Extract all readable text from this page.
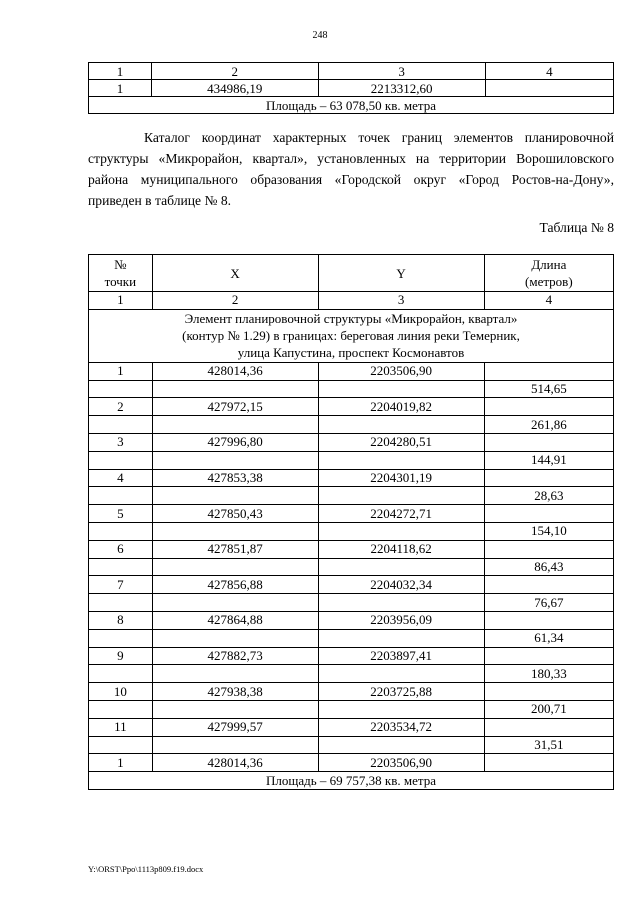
248
1	2	3	4
1	434986,19	2213312,60	
Площадь – 63 078,50 кв. метра			
Каталог координат характерных точек границ элементов планировочной структуры «Микрорайон, квартал», установленных на территории Ворошиловского района муниципального образования «Городской округ «Город Ростов-на-Дону», приведен в таблице № 8.
Таблица № 8
№
точки	X	Y	Длина
(метров)
1	2	3	4
Элемент планировочной структуры «Микрорайон, квартал»
(контур № 1.29) в границах: береговая линия реки Темерник,
улица Капустина, проспект Космонавтов			
1	428014,36	2203506,90	
			514,65
2	427972,15	2204019,82	
			261,86
3	427996,80	2204280,51	
			144,91
4	427853,38	2204301,19	
			28,63
5	427850,43	2204272,71	
			154,10
6	427851,87	2204118,62	
			86,43
7	427856,88	2204032,34	
			76,67
8	427864,88	2203956,09	
			61,34
9	427882,73	2203897,41	
			180,33
10	427938,38	2203725,88	
			200,71
11	427999,57	2203534,72	
			31,51
1	428014,36	2203506,90	
Площадь – 69 757,38 кв. метра			
Y:\ORST\Ppo\1113p809.f19.docx
